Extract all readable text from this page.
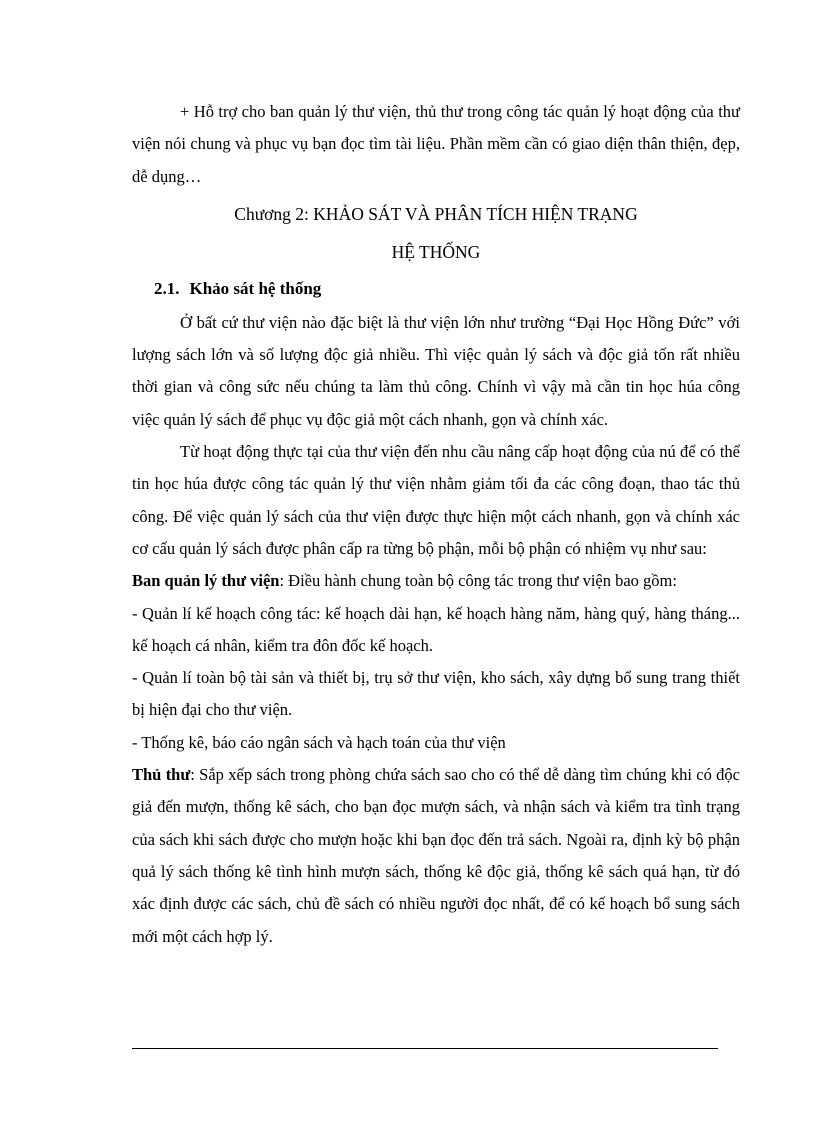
+ Hỗ trợ cho ban quản lý thư viện, thủ thư trong công tác quản lý hoạt động của thư viện nói chung và phục vụ bạn đọc tìm tài liệu. Phần mềm cần có giao diện thân thiện, đẹp, dễ dụng…

Chương 2: KHẢO SÁT VÀ PHÂN TÍCH HIỆN TRẠNG
HỆ THỐNG
2.1. Khảo sát hệ thống

Ở bất cứ thư viện nào đặc biệt là thư viện lớn như trường “Đại Học Hồng Đức” với lượng sách lớn và số lượng độc giả nhiều. Thì việc quản lý sách và độc giả tốn rất nhiều thời gian và công sức nếu chúng ta làm thủ công. Chính vì vậy mà cần tin học húa công việc quản lý sách để phục vụ độc giả một cách nhanh, gọn và chính xác.

Từ hoạt động thực tại của thư viện đến nhu cầu nâng cấp hoạt động của nú để có thể tin học húa được công tác quản lý thư viện nhằm giảm tối đa các công đoạn, thao tác thủ công. Để việc quản lý sách của thư viện được thực hiện một cách nhanh, gọn và chính xác cơ cấu quản lý sách được phân cấp ra từng bộ phận, mỗi bộ phận có nhiệm vụ như sau:

Ban quản lý thư viện: Điều hành chung toàn bộ công tác trong thư viện bao gồm:

- Quản lí kế hoạch công tác: kế hoạch dài hạn, kế hoạch hàng năm, hàng quý, hàng tháng... kế hoạch cá nhân, kiểm tra đôn đốc kế hoạch.

- Quản lí toàn bộ tài sản và thiết bị, trụ sở thư viện, kho sách, xây dựng bổ sung trang thiết bị hiện đại cho thư viện.

- Thống kê, báo cáo ngân sách và hạch toán của thư viện

Thủ thư: Sắp xếp sách trong phòng chứa sách sao cho có thể dễ dàng tìm chúng khi có độc giả đến mượn, thống kê sách, cho bạn đọc mượn sách, và nhận sách và kiểm tra tình trạng của sách khi sách được cho mượn hoặc khi bạn đọc đến trả sách. Ngoài ra, định kỳ bộ phận quả lý sách thống kê tình hình mượn sách, thống kê độc giả, thống kê sách quá hạn, từ đó xác định được các sách, chủ đề sách có nhiều người đọc nhất, để có kế hoạch bổ sung sách mới một cách hợp lý.
